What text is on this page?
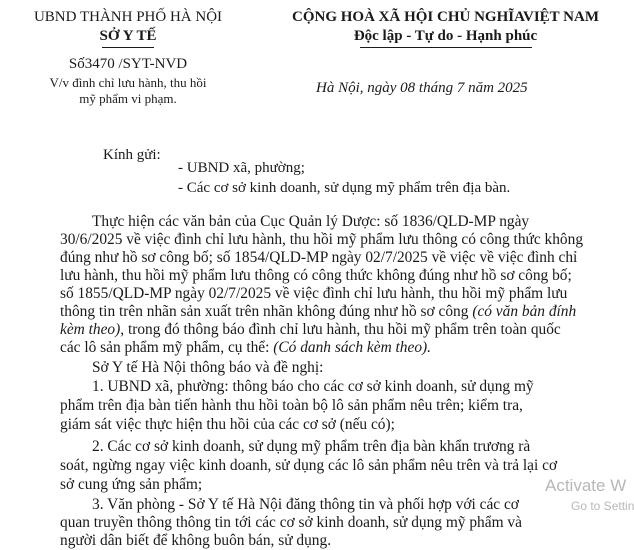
UBND THÀNH PHỐ HÀ NỘI
SỞ Y TẾ
Số3470 /SYT-NVD
V/v đình chỉ lưu hành, thu hồi
mỹ phẩm vi phạm.
CỘNG HOÀ XÃ HỘI CHỦ NGHĨAVIỆT NAM
Độc lập - Tự do - Hạnh phúc
Hà Nội, ngày 08 tháng 7 năm 2025
Kính gửi:
- UBND xã, phường;
- Các cơ sở kinh doanh, sử dụng mỹ phẩm trên địa bàn.
Thực hiện các văn bản của Cục Quản lý Dược: số 1836/QLD-MP ngày
30/6/2025 về việc đình chỉ lưu hành, thu hồi mỹ phẩm lưu thông có công thức không
đúng như hồ sơ công bố; số 1854/QLD-MP ngày 02/7/2025 về việc về việc đình chỉ
lưu hành, thu hồi mỹ phẩm lưu thông có công thức không đúng như hồ sơ công bố;
số 1855/QLD-MP ngày 02/7/2025 về việc đình chỉ lưu hành, thu hồi mỹ phẩm lưu
thông tin trên nhãn sản xuất trên nhãn không đúng như hồ sơ công (có văn bản đính
kèm theo), trong đó thông báo đình chỉ lưu hành, thu hồi mỹ phẩm trên toàn quốc
các lô sản phẩm mỹ phẩm, cụ thể: (Có danh sách kèm theo).
Sở Y tế Hà Nội thông báo và đề nghị:
1. UBND xã, phường: thông báo cho các cơ sở kinh doanh, sử dụng mỹ
phẩm trên địa bàn tiến hành thu hồi toàn bộ lô sản phẩm nêu trên; kiểm tra,
giám sát việc thực hiện thu hồi của các cơ sở (nếu có);
2. Các cơ sở kinh doanh, sử dụng mỹ phẩm trên địa bàn khẩn trương rà
soát, ngừng ngay việc kinh doanh, sử dụng các lô sản phẩm nêu trên và trả lại cơ
sở cung ứng sản phẩm;
3. Văn phòng - Sở Y tế Hà Nội đăng thông tin và phối hợp với các cơ
quan truyền thông thông tin tới các cơ sở kinh doanh, sử dụng mỹ phẩm và
người dân biết để không buôn bán, sử dụng.
Activate W
Go to Settin
